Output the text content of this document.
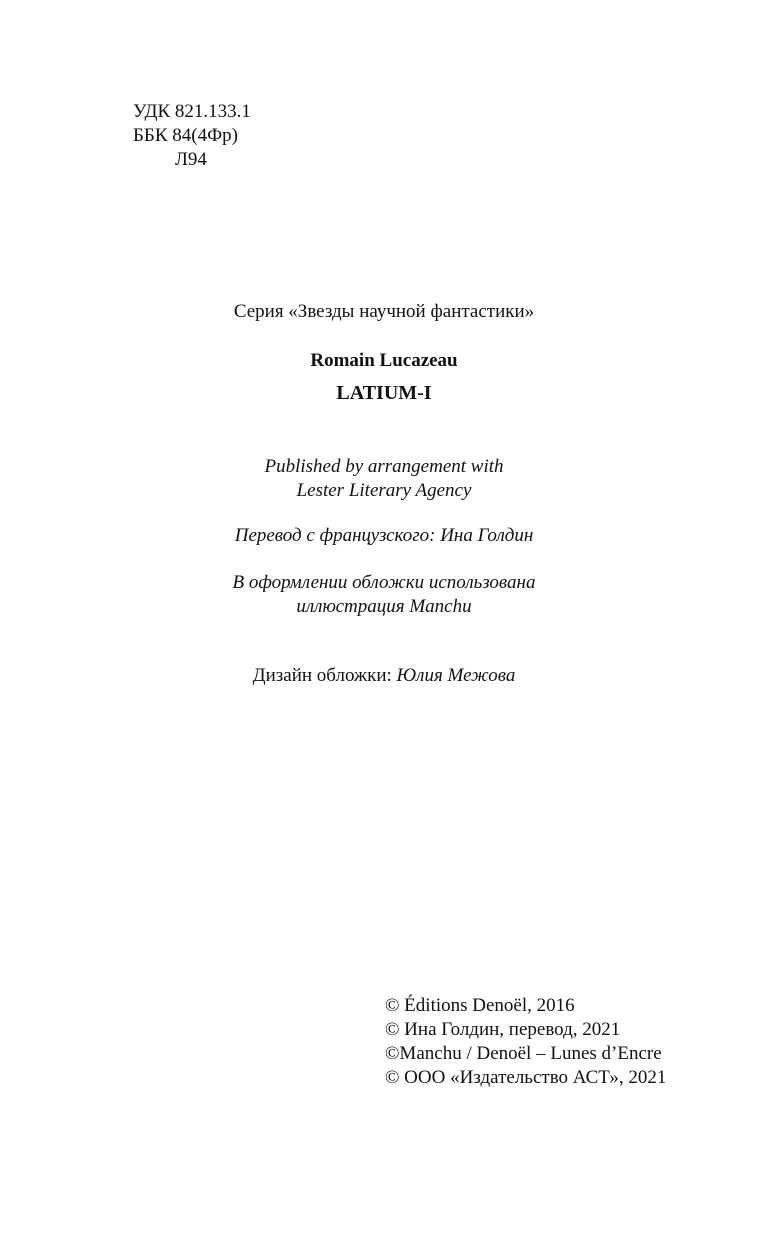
УДК 821.133.1
ББК 84(4Фр)
Л94
Серия «Звезды научной фантастики»
Romain Lucazeau
LATIUM-I
Published by arrangement with
Lester Literary Agency
Перевод с французского: Ина Голдин
В оформлении обложки использована
иллюстрация Manchu
Дизайн обложки: Юлия Межова
© Éditions Denoël, 2016
© Ина Голдин, перевод, 2021
©Manchu / Denoël – Lunes d’Encre
© ООО «Издательство АСТ», 2021
